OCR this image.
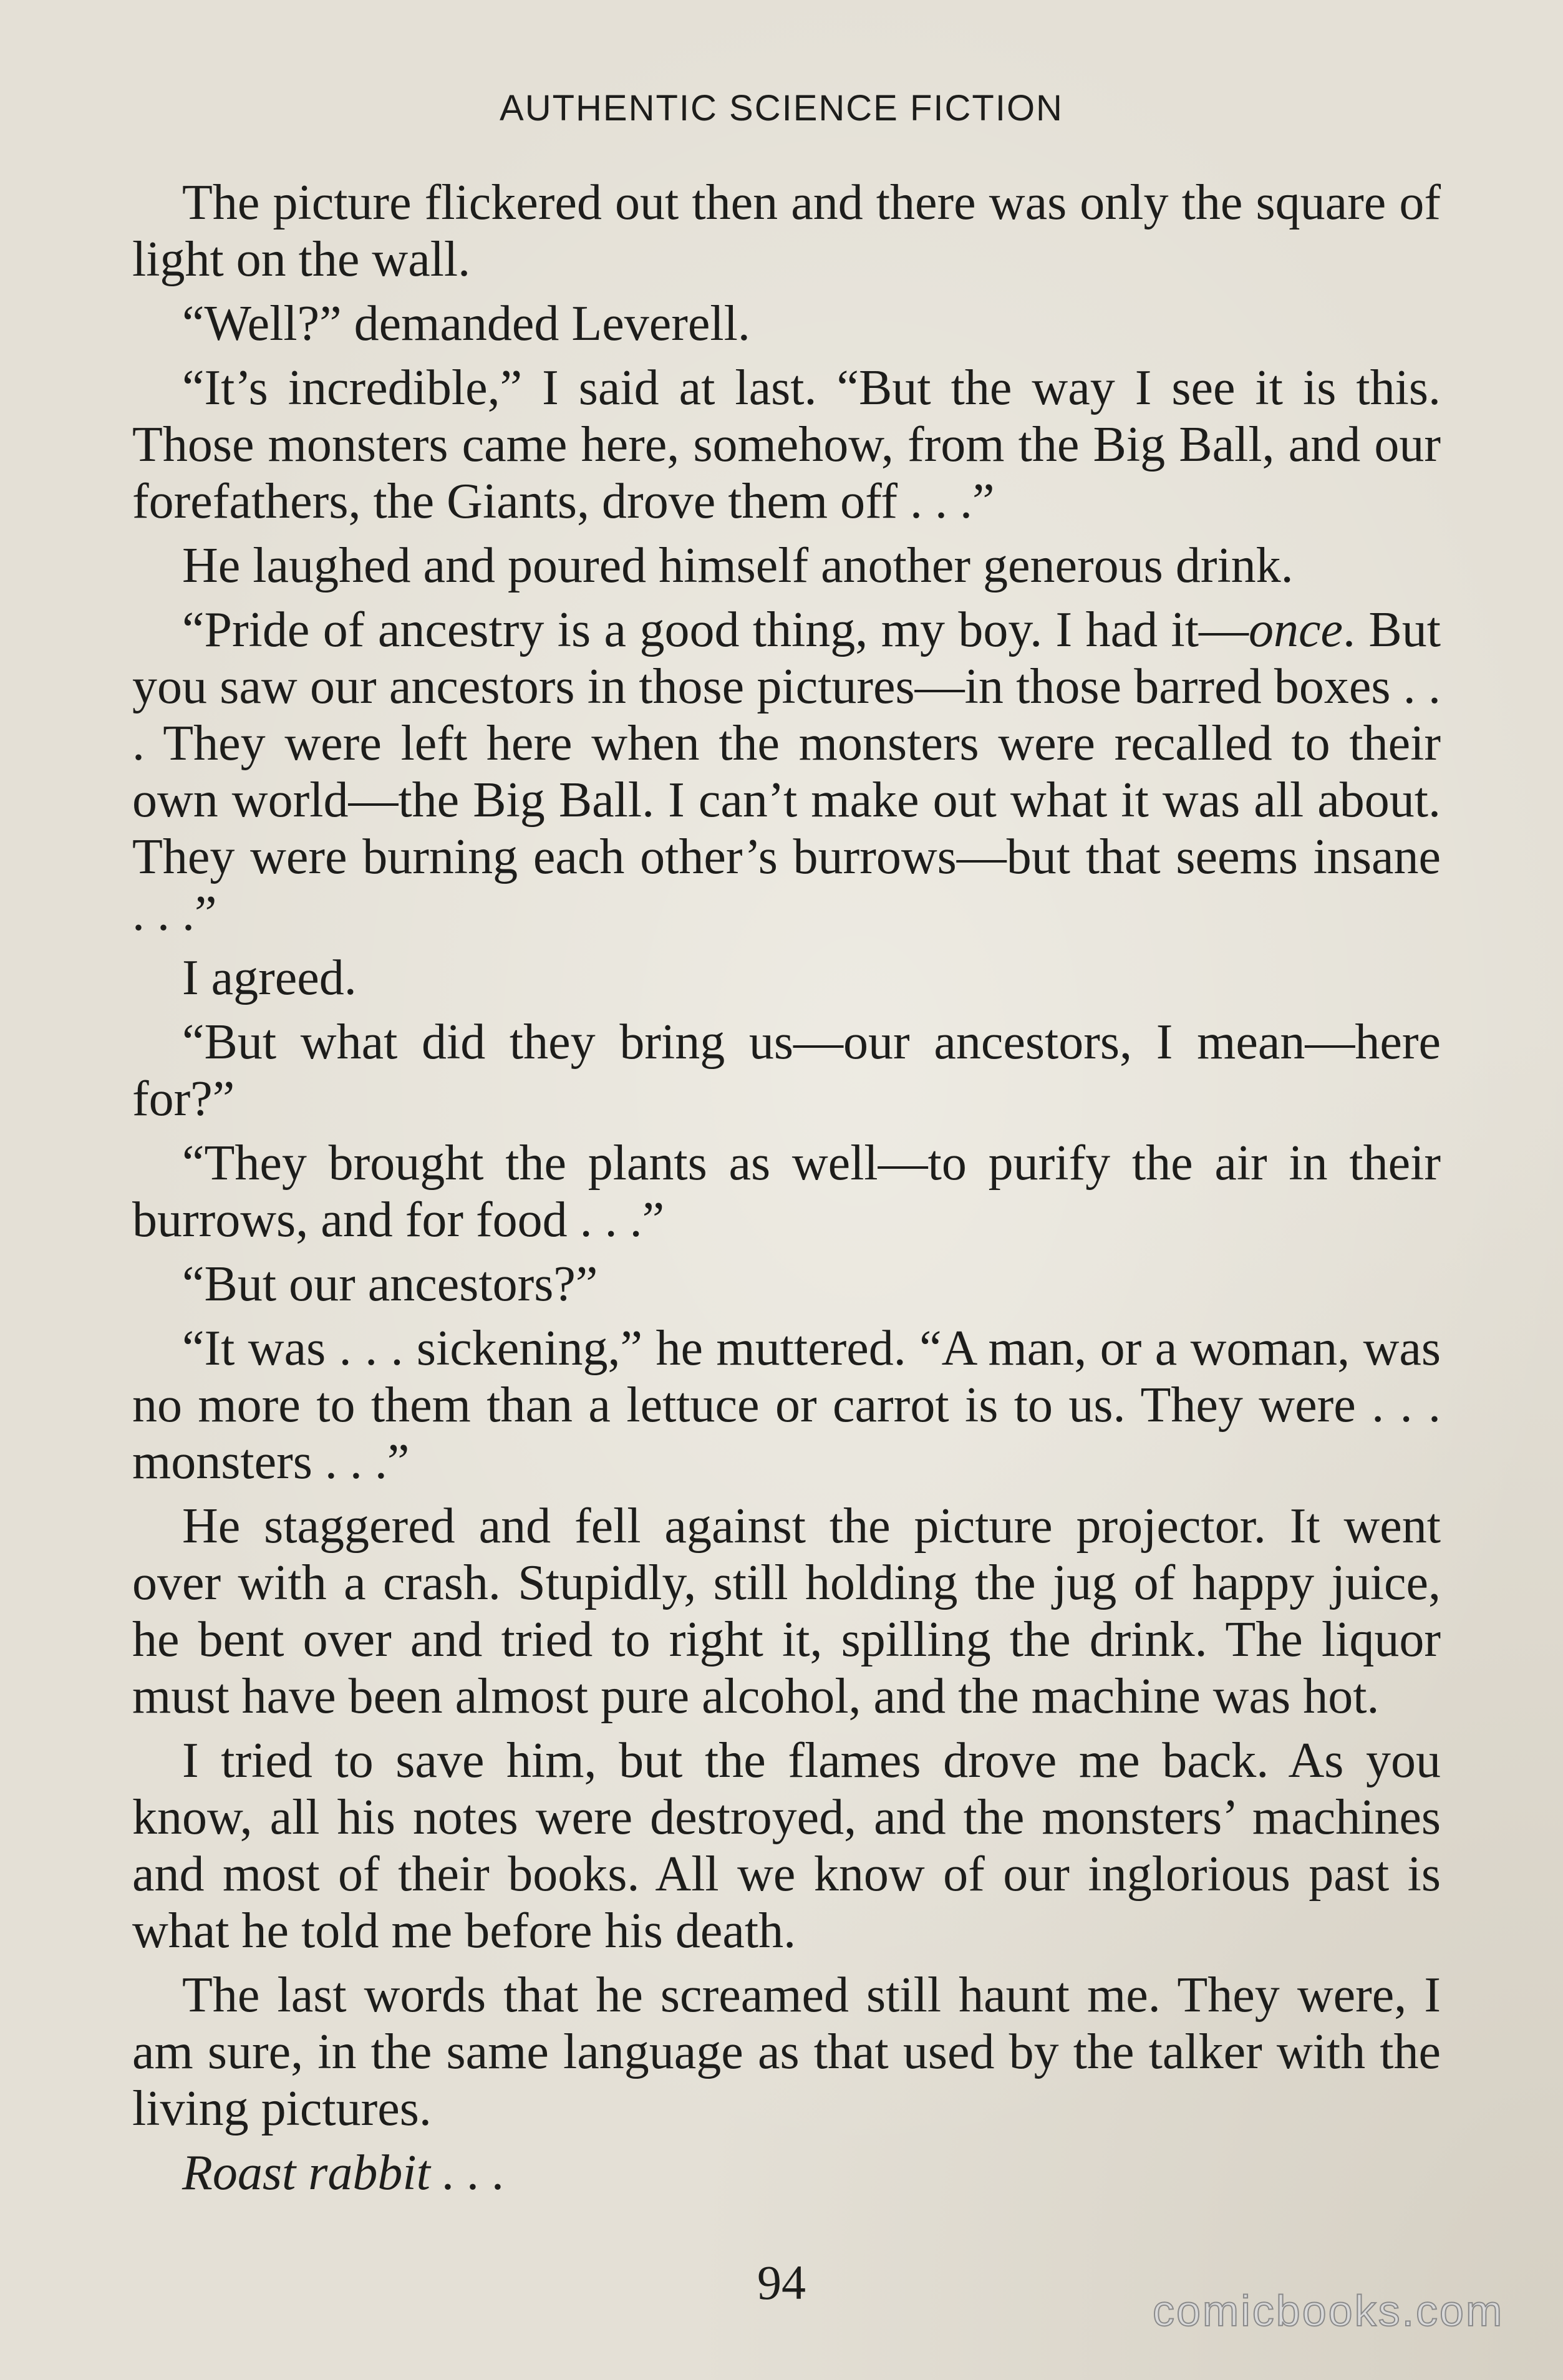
AUTHENTIC SCIENCE FICTION

The picture flickered out then and there was only the square of light on the wall.

“Well?” demanded Leverell.

“It’s incredible,” I said at last. “But the way I see it is this. Those monsters came here, somehow, from the Big Ball, and our forefathers, the Giants, drove them off . . .”

He laughed and poured himself another generous drink.

“Pride of ancestry is a good thing, my boy. I had it—once. But you saw our ancestors in those pictures—in those barred boxes . . . They were left here when the monsters were recalled to their own world—the Big Ball. I can’t make out what it was all about. They were burning each other’s burrows—but that seems insane . . .”

I agreed.

“But what did they bring us—our ancestors, I mean—here for?”

“They brought the plants as well—to purify the air in their burrows, and for food . . .”

“But our ancestors?”

“It was . . . sickening,” he muttered. “A man, or a woman, was no more to them than a lettuce or carrot is to us. They were . . . monsters . . .”

He staggered and fell against the picture projector. It went over with a crash. Stupidly, still holding the jug of happy juice, he bent over and tried to right it, spilling the drink. The liquor must have been almost pure alcohol, and the machine was hot.

I tried to save him, but the flames drove me back. As you know, all his notes were destroyed, and the monsters’ machines and most of their books. All we know of our inglorious past is what he told me before his death.

The last words that he screamed still haunt me. They were, I am sure, in the same language as that used by the talker with the living pictures.

Roast rabbit . . .

94
comicbooks.com
